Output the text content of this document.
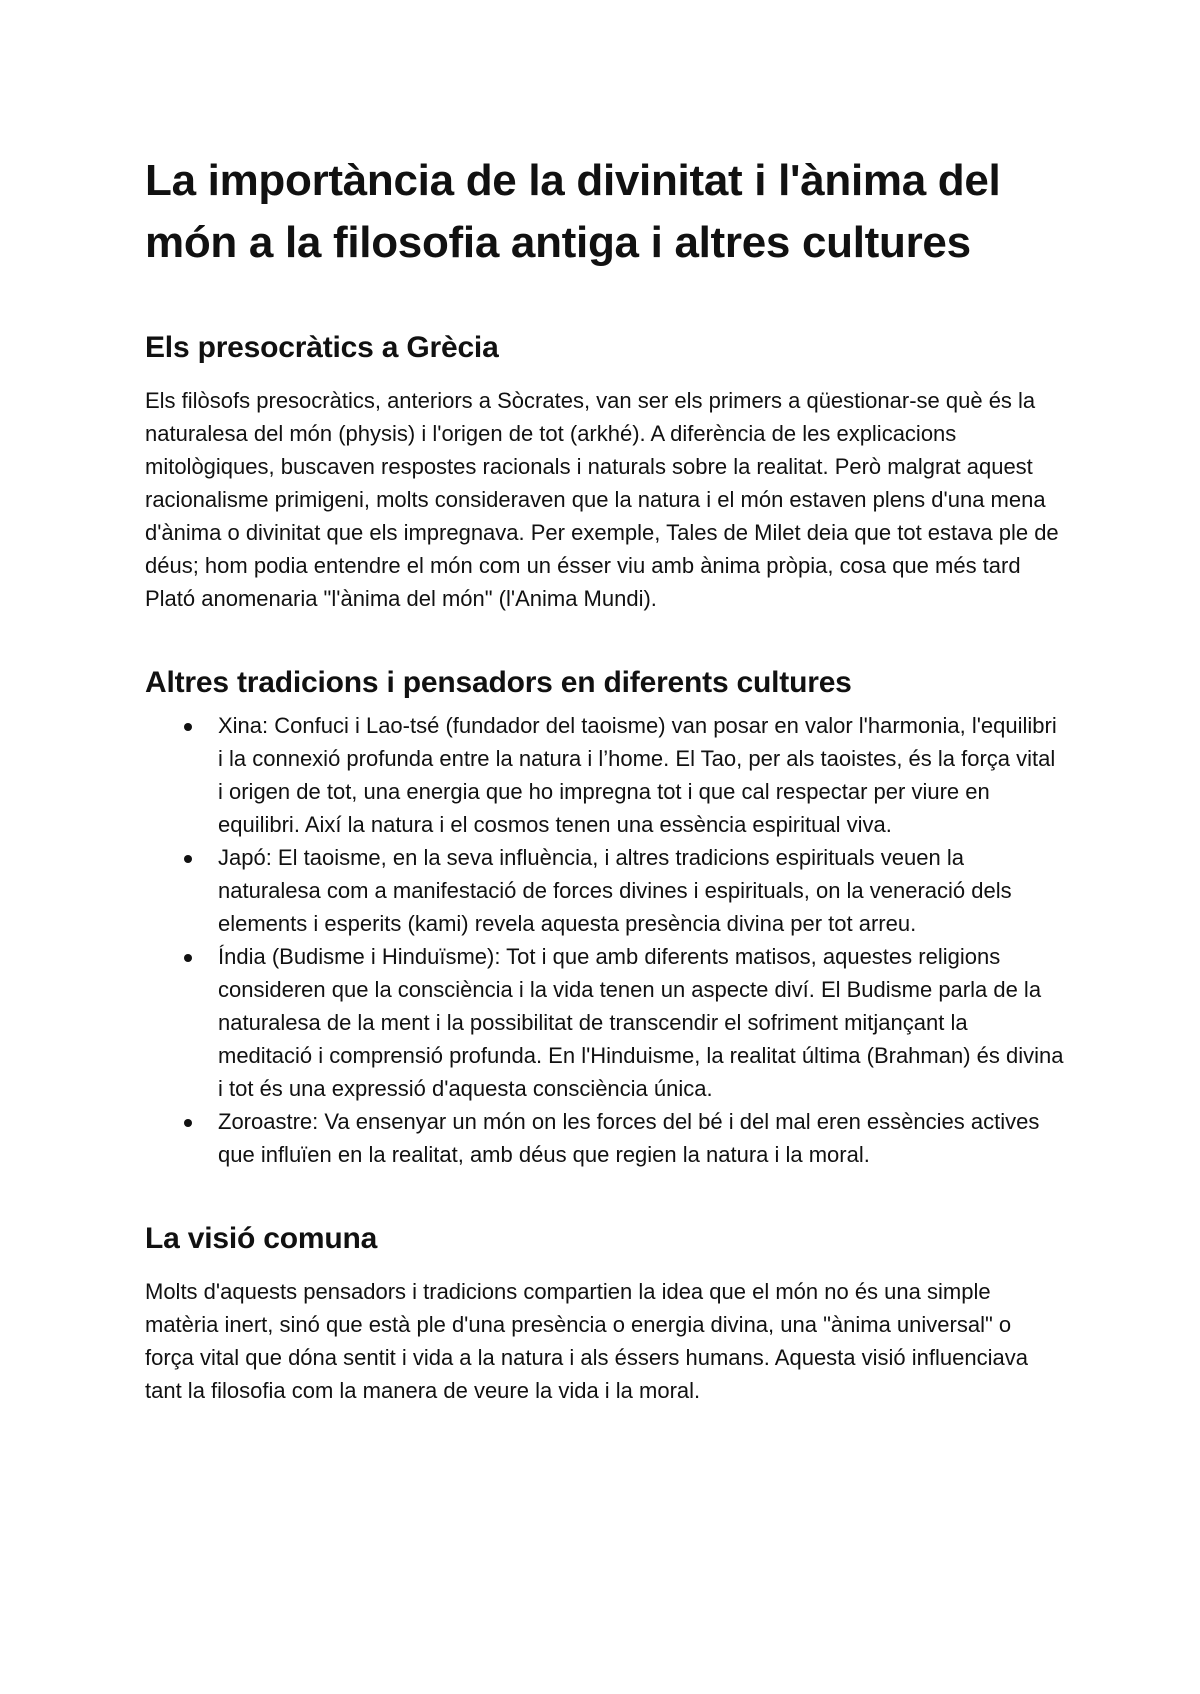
La importància de la divinitat i l'ànima del món a la filosofia antiga i altres cultures
Els presocràtics a Grècia

Els filòsofs presocràtics, anteriors a Sòcrates, van ser els primers a qüestionar-se què és la naturalesa del món (physis) i l'origen de tot (arkhé). A diferència de les explicacions mitològiques, buscaven respostes racionals i naturals sobre la realitat. Però malgrat aquest racionalisme primigeni, molts consideraven que la natura i el món estaven plens d'una mena d'ànima o divinitat que els impregnava. Per exemple, Tales de Milet deia que tot estava ple de déus; hom podia entendre el món com un ésser viu amb ànima pròpia, cosa que més tard Plató anomenaria "l'ànima del món" (l'Anima Mundi).

Altres tradicions i pensadors en diferents cultures
Xina: Confuci i Lao-tsé (fundador del taoisme) van posar en valor l'harmonia, l'equilibri i la connexió profunda entre la natura i l’home. El Tao, per als taoistes, és la força vital i origen de tot, una energia que ho impregna tot i que cal respectar per viure en equilibri. Així la natura i el cosmos tenen una essència espiritual viva.
Japó: El taoisme, en la seva influència, i altres tradicions espirituals veuen la naturalesa com a manifestació de forces divines i espirituals, on la veneració dels elements i esperits (kami) revela aquesta presència divina per tot arreu.
Índia (Budisme i Hinduïsme): Tot i que amb diferents matisos, aquestes religions consideren que la consciència i la vida tenen un aspecte diví. El Budisme parla de la naturalesa de la ment i la possibilitat de transcendir el sofriment mitjançant la meditació i comprensió profunda. En l'Hinduisme, la realitat última (Brahman) és divina i tot és una expressió d'aquesta consciència única.
Zoroastre: Va ensenyar un món on les forces del bé i del mal eren essències actives que influïen en la realitat, amb déus que regien la natura i la moral.
La visió comuna

Molts d'aquests pensadors i tradicions compartien la idea que el món no és una simple matèria inert, sinó que està ple d'una presència o energia divina, una "ànima universal" o força vital que dóna sentit i vida a la natura i als éssers humans. Aquesta visió influenciava tant la filosofia com la manera de veure la vida i la moral.
